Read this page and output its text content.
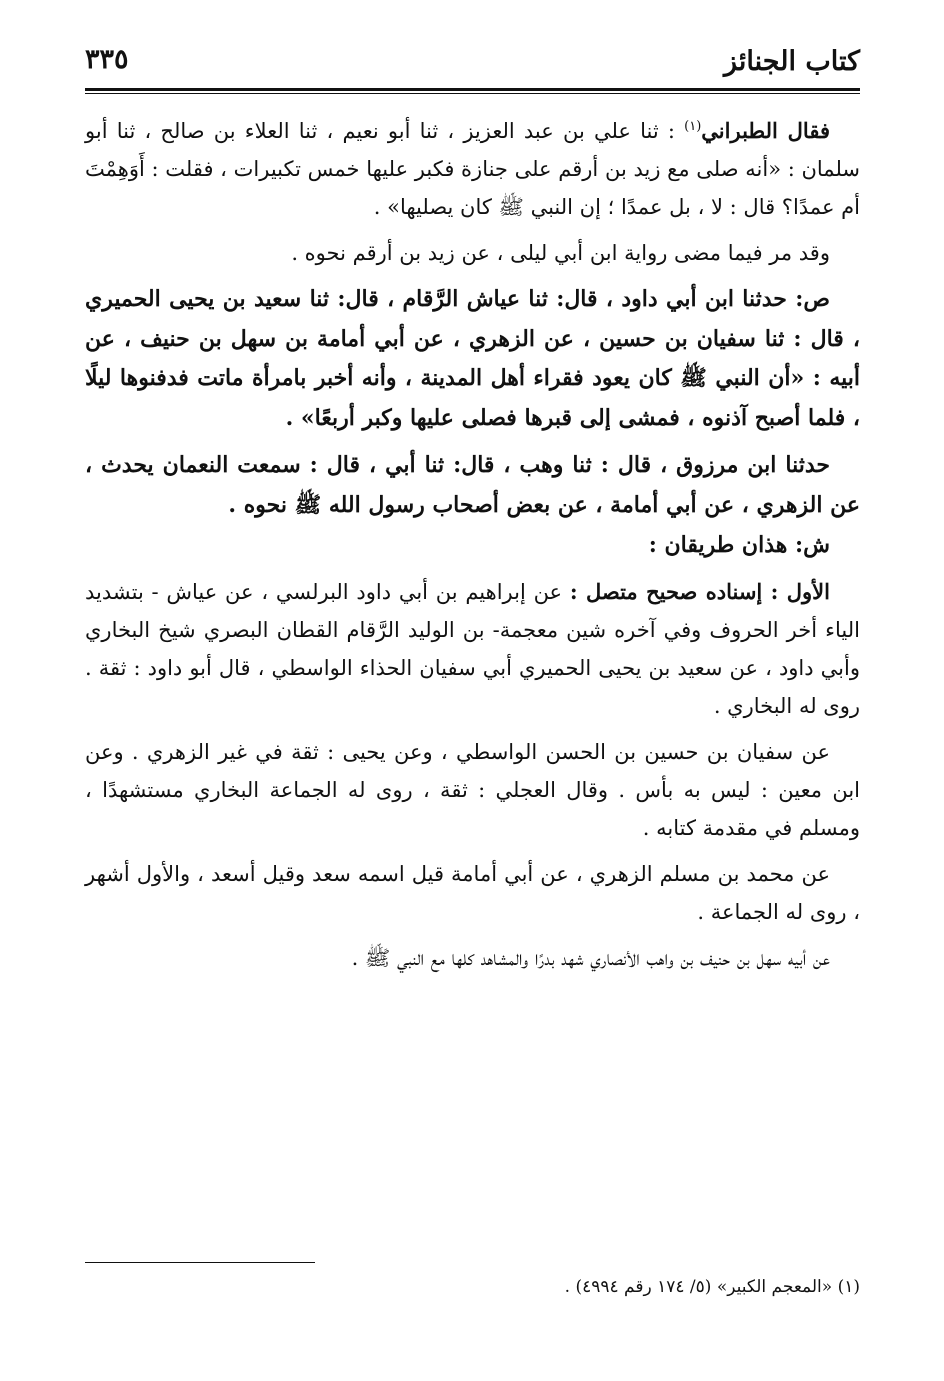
كتاب الجنائز
٣٣٥

فقال الطبراني$^{(١)}$ : ثنا علي بن عبد العزيز ، ثنا أبو نعيم ، ثنا العلاء بن صالح ، ثنا أبو سلمان : «أنه صلى مع زيد بن أرقم على جنازة فكبر عليها خمس تكبيرات ، فقلت : أَوَهِمْتَ أم عمدًا؟ قال : لا ، بل عمدًا ؛ إن النبي ﷺ كان يصليها» .

وقد مر فيما مضى رواية ابن أبي ليلى ، عن زيد بن أرقم نحوه .

ص: حدثنا ابن أبي داود ، قال: ثنا عياش الرَّقام ، قال: ثنا سعيد بن يحيى الحميري ، قال : ثنا سفيان بن حسين ، عن الزهري ، عن أبي أمامة بن سهل بن حنيف ، عن أبيه : «أن النبي ﷺ كان يعود فقراء أهل المدينة ، وأنه أخبر بامرأة ماتت فدفنوها ليلًا ، فلما أصبح آذنوه ، فمشى إلى قبرها فصلى عليها وكبر أربعًا» .

حدثنا ابن مرزوق ، قال : ثنا وهب ، قال: ثنا أبي ، قال : سمعت النعمان يحدث ، عن الزهري ، عن أبي أمامة ، عن بعض أصحاب رسول الله ﷺ نحوه .

ش: هذان طريقان :

الأول : إسناده صحيح متصل : عن إبراهيم بن أبي داود البرلسي ، عن عياش - بتشديد الياء أخر الحروف وفي آخره شين معجمة- بن الوليد الرَّقام القطان البصري شيخ البخاري وأبي داود ، عن سعيد بن يحيى الحميري أبي سفيان الحذاء الواسطي ، قال أبو داود : ثقة . روى له البخاري .

عن سفيان بن حسين بن الحسن الواسطي ، وعن يحيى : ثقة في غير الزهري . وعن ابن معين : ليس به بأس . وقال العجلي : ثقة ، روى له الجماعة البخاري مستشهدًا ، ومسلم في مقدمة كتابه .

عن محمد بن مسلم الزهري ، عن أبي أمامة قيل اسمه سعد وقيل أسعد ، والأول أشهر ، روى له الجماعة .

عن أبيه سهل بن حنيف بن واهب الأنصاري شهد بدرًا والمشاهد كلها مع النبي ﷺ .

(١) «المعجم الكبير» (٥/ ١٧٤ رقم ٤٩٩٤) .
